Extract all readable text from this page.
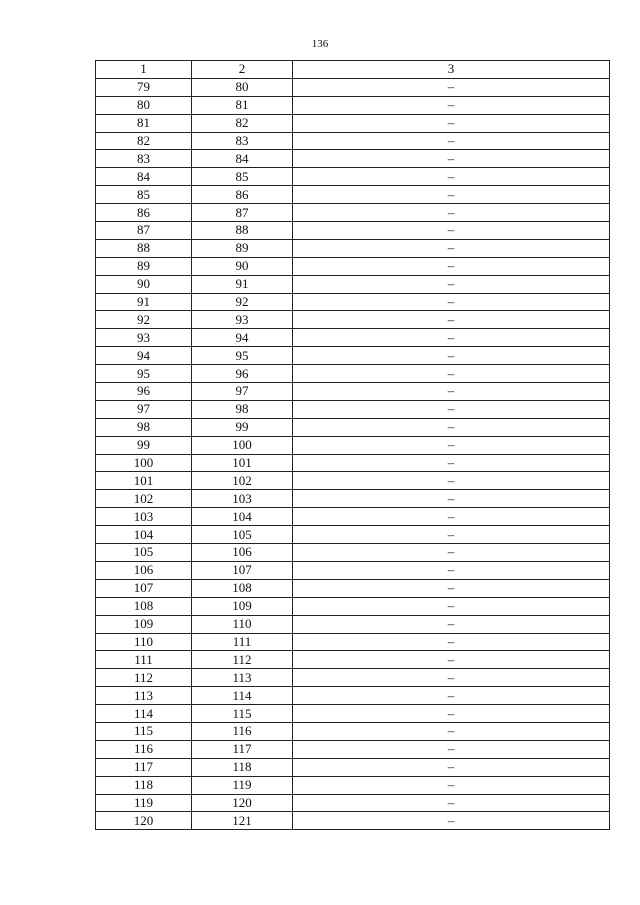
136
1	2	3
79	80	–
80	81	–
81	82	–
82	83	–
83	84	–
84	85	–
85	86	–
86	87	–
87	88	–
88	89	–
89	90	–
90	91	–
91	92	–
92	93	–
93	94	–
94	95	–
95	96	–
96	97	–
97	98	–
98	99	–
99	100	–
100	101	–
101	102	–
102	103	–
103	104	–
104	105	–
105	106	–
106	107	–
107	108	–
108	109	–
109	110	–
110	111	–
111	112	–
112	113	–
113	114	–
114	115	–
115	116	–
116	117	–
117	118	–
118	119	–
119	120	–
120	121	–
